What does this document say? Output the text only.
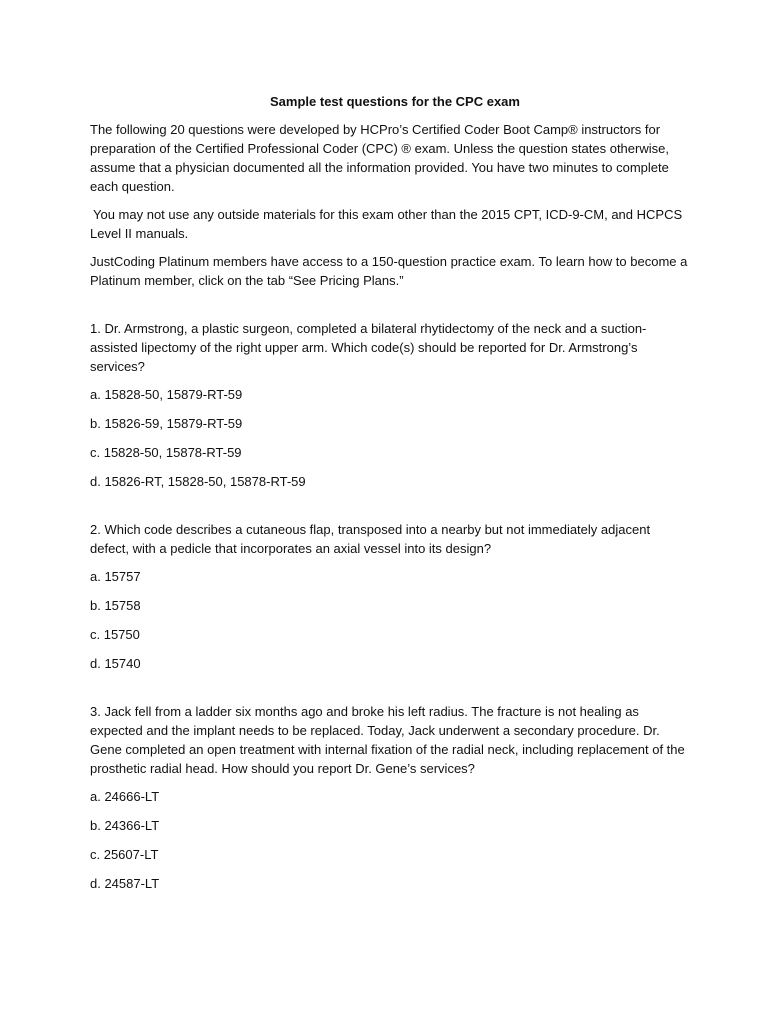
Sample test questions for the CPC exam

The following 20 questions were developed by HCPro’s Certified Coder Boot Camp® instructors for preparation of the Certified Professional Coder (CPC) ® exam. Unless the question states otherwise, assume that a physician documented all the information provided. You have two minutes to complete each question.

You may not use any outside materials for this exam other than the 2015 CPT, ICD-9-CM, and HCPCS Level II manuals.

JustCoding Platinum members have access to a 150-question practice exam. To learn how to become a Platinum member, click on the tab “See Pricing Plans.”

1. Dr. Armstrong, a plastic surgeon, completed a bilateral rhytidectomy of the neck and a suction-assisted lipectomy of the right upper arm. Which code(s) should be reported for Dr. Armstrong’s services?

a. 15828-50, 15879-RT-59
b. 15826-59, 15879-RT-59
c. 15828-50, 15878-RT-59
d. 15826-RT, 15828-50, 15878-RT-59

2. Which code describes a cutaneous flap, transposed into a nearby but not immediately adjacent defect, with a pedicle that incorporates an axial vessel into its design?

a. 15757
b. 15758
c. 15750
d. 15740

3. Jack fell from a ladder six months ago and broke his left radius. The fracture is not healing as expected and the implant needs to be replaced. Today, Jack underwent a secondary procedure. Dr. Gene completed an open treatment with internal fixation of the radial neck, including replacement of the prosthetic radial head. How should you report Dr. Gene’s services?

a. 24666-LT
b. 24366-LT
c. 25607-LT
d. 24587-LT
